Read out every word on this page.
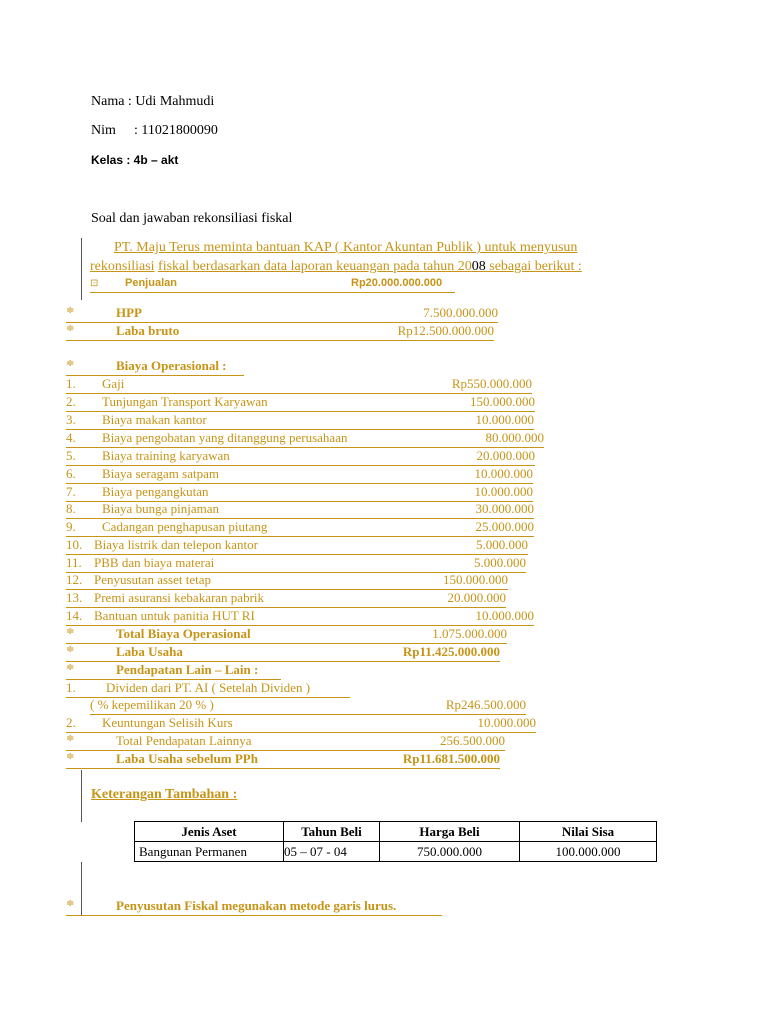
Nama : Udi Mahmudi
Nim : 11021800090
Kelas : 4b – akt
Soal dan jawaban rekonsiliasi fiskal
PT. Maju Terus meminta bantuan KAP ( Kantor Akuntan Publik ) untuk menyusun
rekonsiliasi fiskal berdasarkan data laporan keuangan pada tahun 2008 sebagai berikut :
⊡ Penjualan	Rp20.000.000.000
≑	HPP	7.500.000.000
≑	Laba bruto	Rp12.500.000.000
≑	Biaya Operasional :
1. Gaji	Rp550.000.000
2. Tunjungan Transport Karyawan	150.000.000
3. Biaya makan kantor	10.000.000
4. Biaya pengobatan yang ditanggung perusahaan	80.000.000
5. Biaya training karyawan	20.000.000
6. Biaya seragam satpam	10.000.000
7. Biaya pengangkutan	10.000.000
8. Biaya bunga pinjaman	30.000.000
9. Cadangan penghapusan piutang	25.000.000
10. Biaya listrik dan telepon kantor	5.000.000
11. PBB dan biaya materai	5.000.000
12. Penyusutan asset tetap	150.000.000
13. Premi asuransi kebakaran pabrik	20.000.000
14. Bantuan untuk panitia HUT RI	10.000.000
≑	Total Biaya Operasional	1.075.000.000
≑	Laba Usaha	Rp11.425.000.000
≑	Pendapatan Lain – Lain :
1. Dividen dari PT. AI ( Setelah Dividen )
( % kepemilikan 20 % )	Rp246.500.000
2. Keuntungan Selisih Kurs	10.000.000
≑	Total Pendapatan Lainnya	256.500.000
≑	Laba Usaha sebelum PPh	Rp11.681.500.000
Keterangan Tambahan :
Jenis Aset	Tahun Beli	Harga Beli	Nilai Sisa
Bangunan Permanen	05 – 07 - 04	750.000.000	100.000.000
≑	Penyusutan Fiskal megunakan metode garis lurus.
